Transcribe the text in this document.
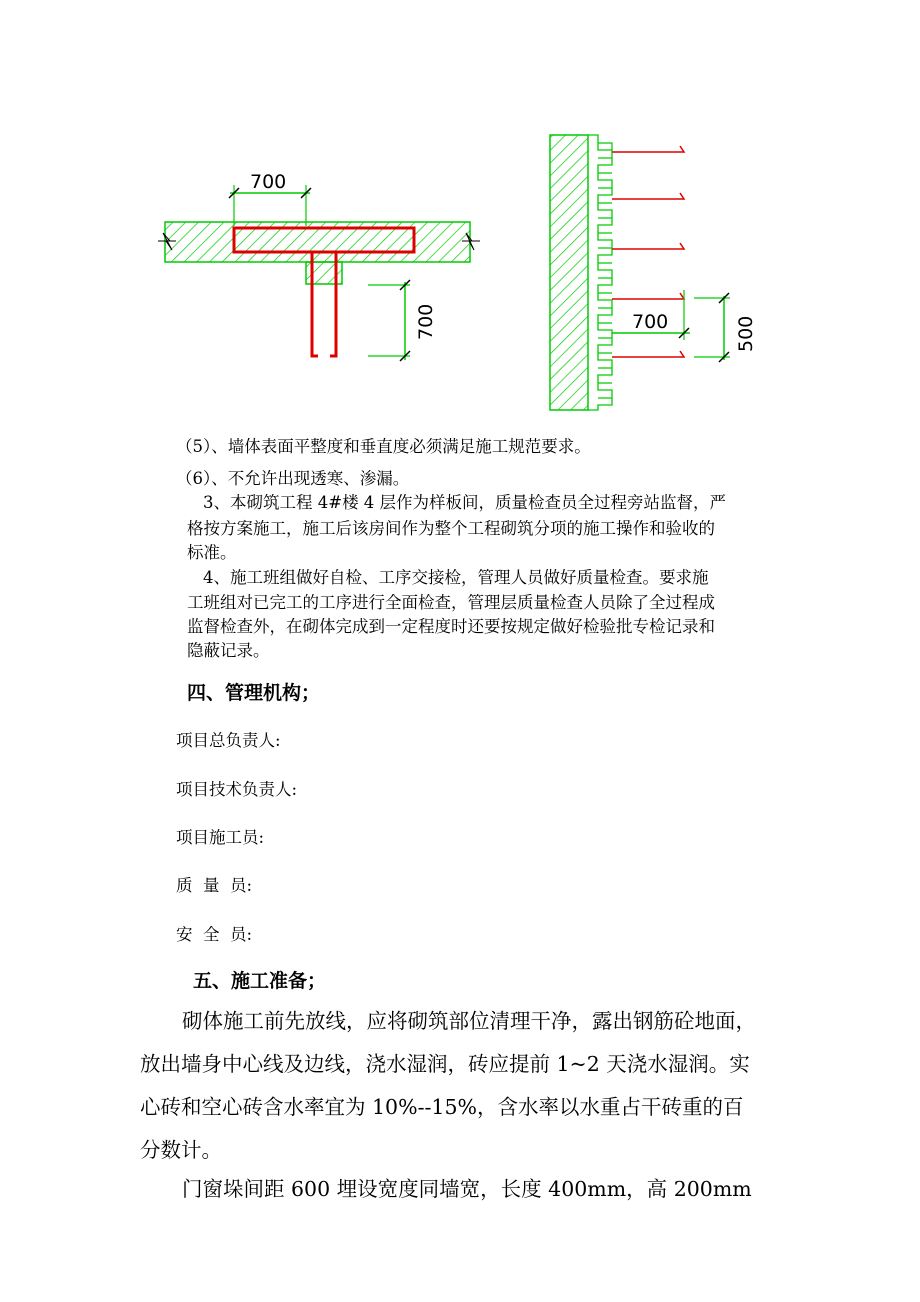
700
700	700	500

（5）、墙体表面平整度和垂直度必须满足施工规范要求。

（6）、不允许出现透寒、渗漏。

3、本砌筑工程 4#楼 4 层作为样板间，质量检查员全过程旁站监督，严

格按方案施工，施工后该房间作为整个工程砌筑分项的施工操作和验收的

标准。

4、施工班组做好自检、工序交接检，管理人员做好质量检查。要求施

工班组对已完工的工序进行全面检查，管理层质量检查人员除了全过程成

监督检查外，在砌体完成到一定程度时还要按规定做好检验批专检记录和

隐蔽记录。

四、管理机构；

项目总负责人:

项目技术负责人:

项目施工员:

质  量  员:

安  全  员:

五、施工准备；

砌体施工前先放线，应将砌筑部位清理干净，露出钢筋砼地面，

放出墙身中心线及边线，浇水湿润，砖应提前 1~2 天浇水湿润。实

心砖和空心砖含水率宜为 10%--15%，含水率以水重占干砖重的百

分数计。

门窗垛间距 600 埋设宽度同墙宽，长度 400mm，高 200mm
